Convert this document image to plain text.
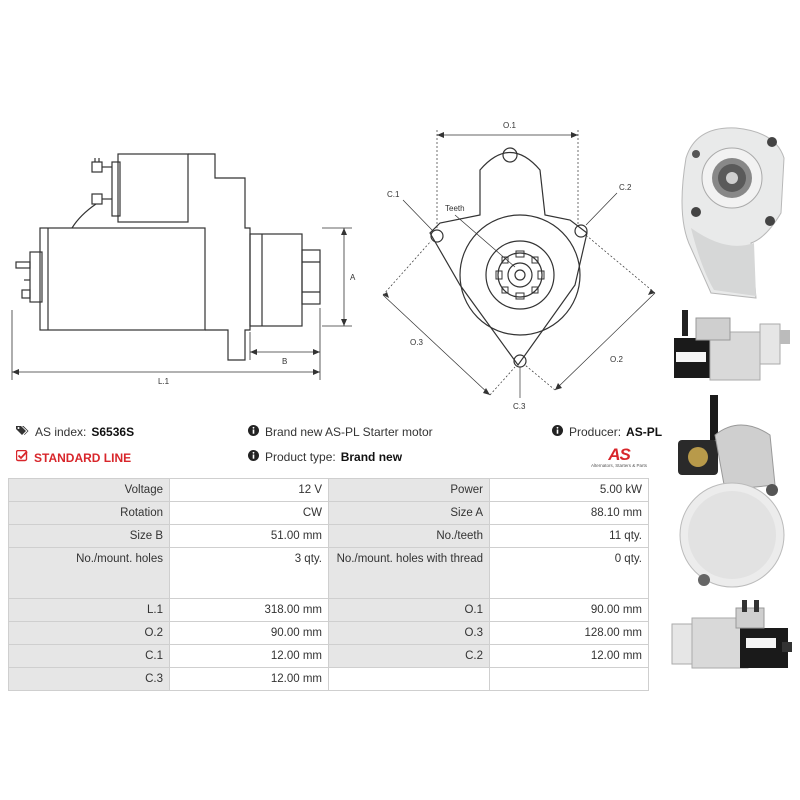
A
B
L.1
O.1
O.2
O.3
C.1
C.2
C.3
Teeth
AS index: S6536S
STANDARD LINE
Brand new AS-PL Starter motor
Product type: Brand new
Producer: AS-PL
AS
Alternators, Starters & Parts
Voltage	12 V	Power	5.00 kW
Rotation	CW	Size A	88.10 mm
Size B	51.00 mm	No./teeth	11 qty.
No./mount. holes	3 qty.	No./mount. holes with thread	0 qty.
L.1	318.00 mm	O.1	90.00 mm
O.2	90.00 mm	O.3	128.00 mm
C.1	12.00 mm	C.2	12.00 mm
C.3	12.00 mm		
